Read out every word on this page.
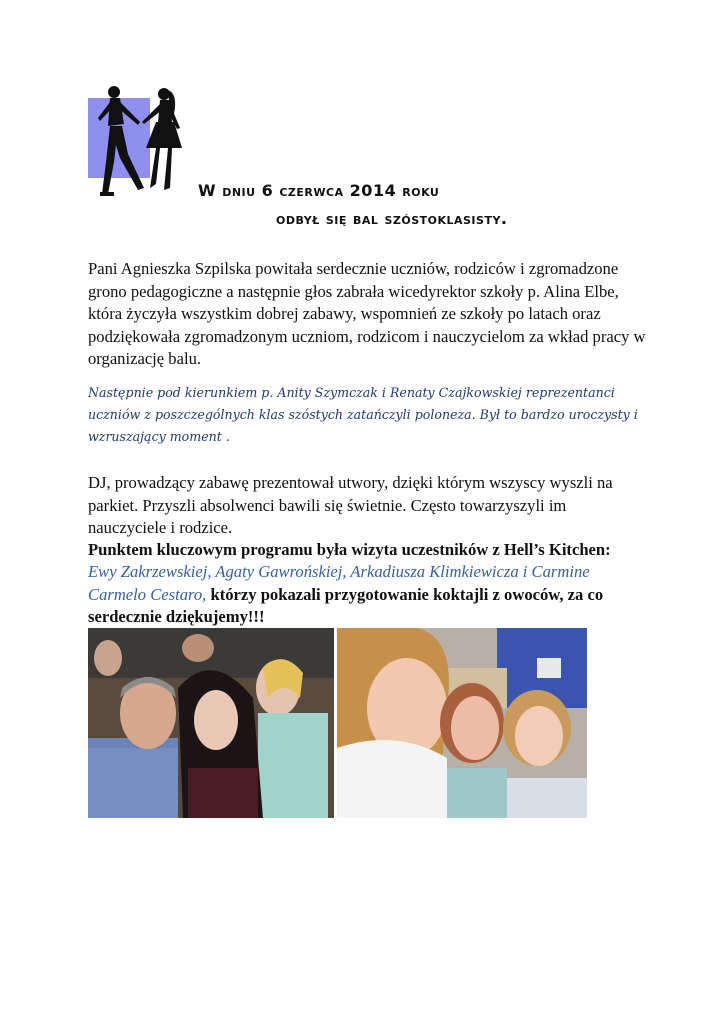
W dniu 6 czerwca 2014 roku
odbył się bal szóstoklasisty.

Pani Agnieszka Szpilska powitała serdecznie uczniów, rodziców i zgromadzone grono pedagogiczne a następnie głos zabrała wicedyrektor szkoły p. Alina Elbe, która życzyła wszystkim dobrej zabawy, wspomnień ze szkoły po latach oraz podziękowała zgromadzonym uczniom, rodzicom i nauczycielom za wkład pracy w organizację balu.

Następnie pod kierunkiem p. Anity Szymczak i Renaty Czajkowskiej reprezentanci uczniów z poszczególnych klas szóstych zatańczyli poloneza. Był to bardzo uroczysty i wzruszający moment .

DJ, prowadzący zabawę prezentował utwory, dzięki którym wszyscy wyszli na parkiet. Przyszli absolwenci bawili się świetnie. Często towarzyszyli im nauczyciele i rodzice.

Punktem kluczowym programu była wizyta uczestników z Hell’s Kitchen:

Ewy Zakrzewskiej, Agaty Gawrońskiej, Arkadiusza Klimkiewicza i Carmine Carmelo Cestaro, którzy pokazali przygotowanie koktajli z owoców, za co serdecznie dziękujemy!!!
